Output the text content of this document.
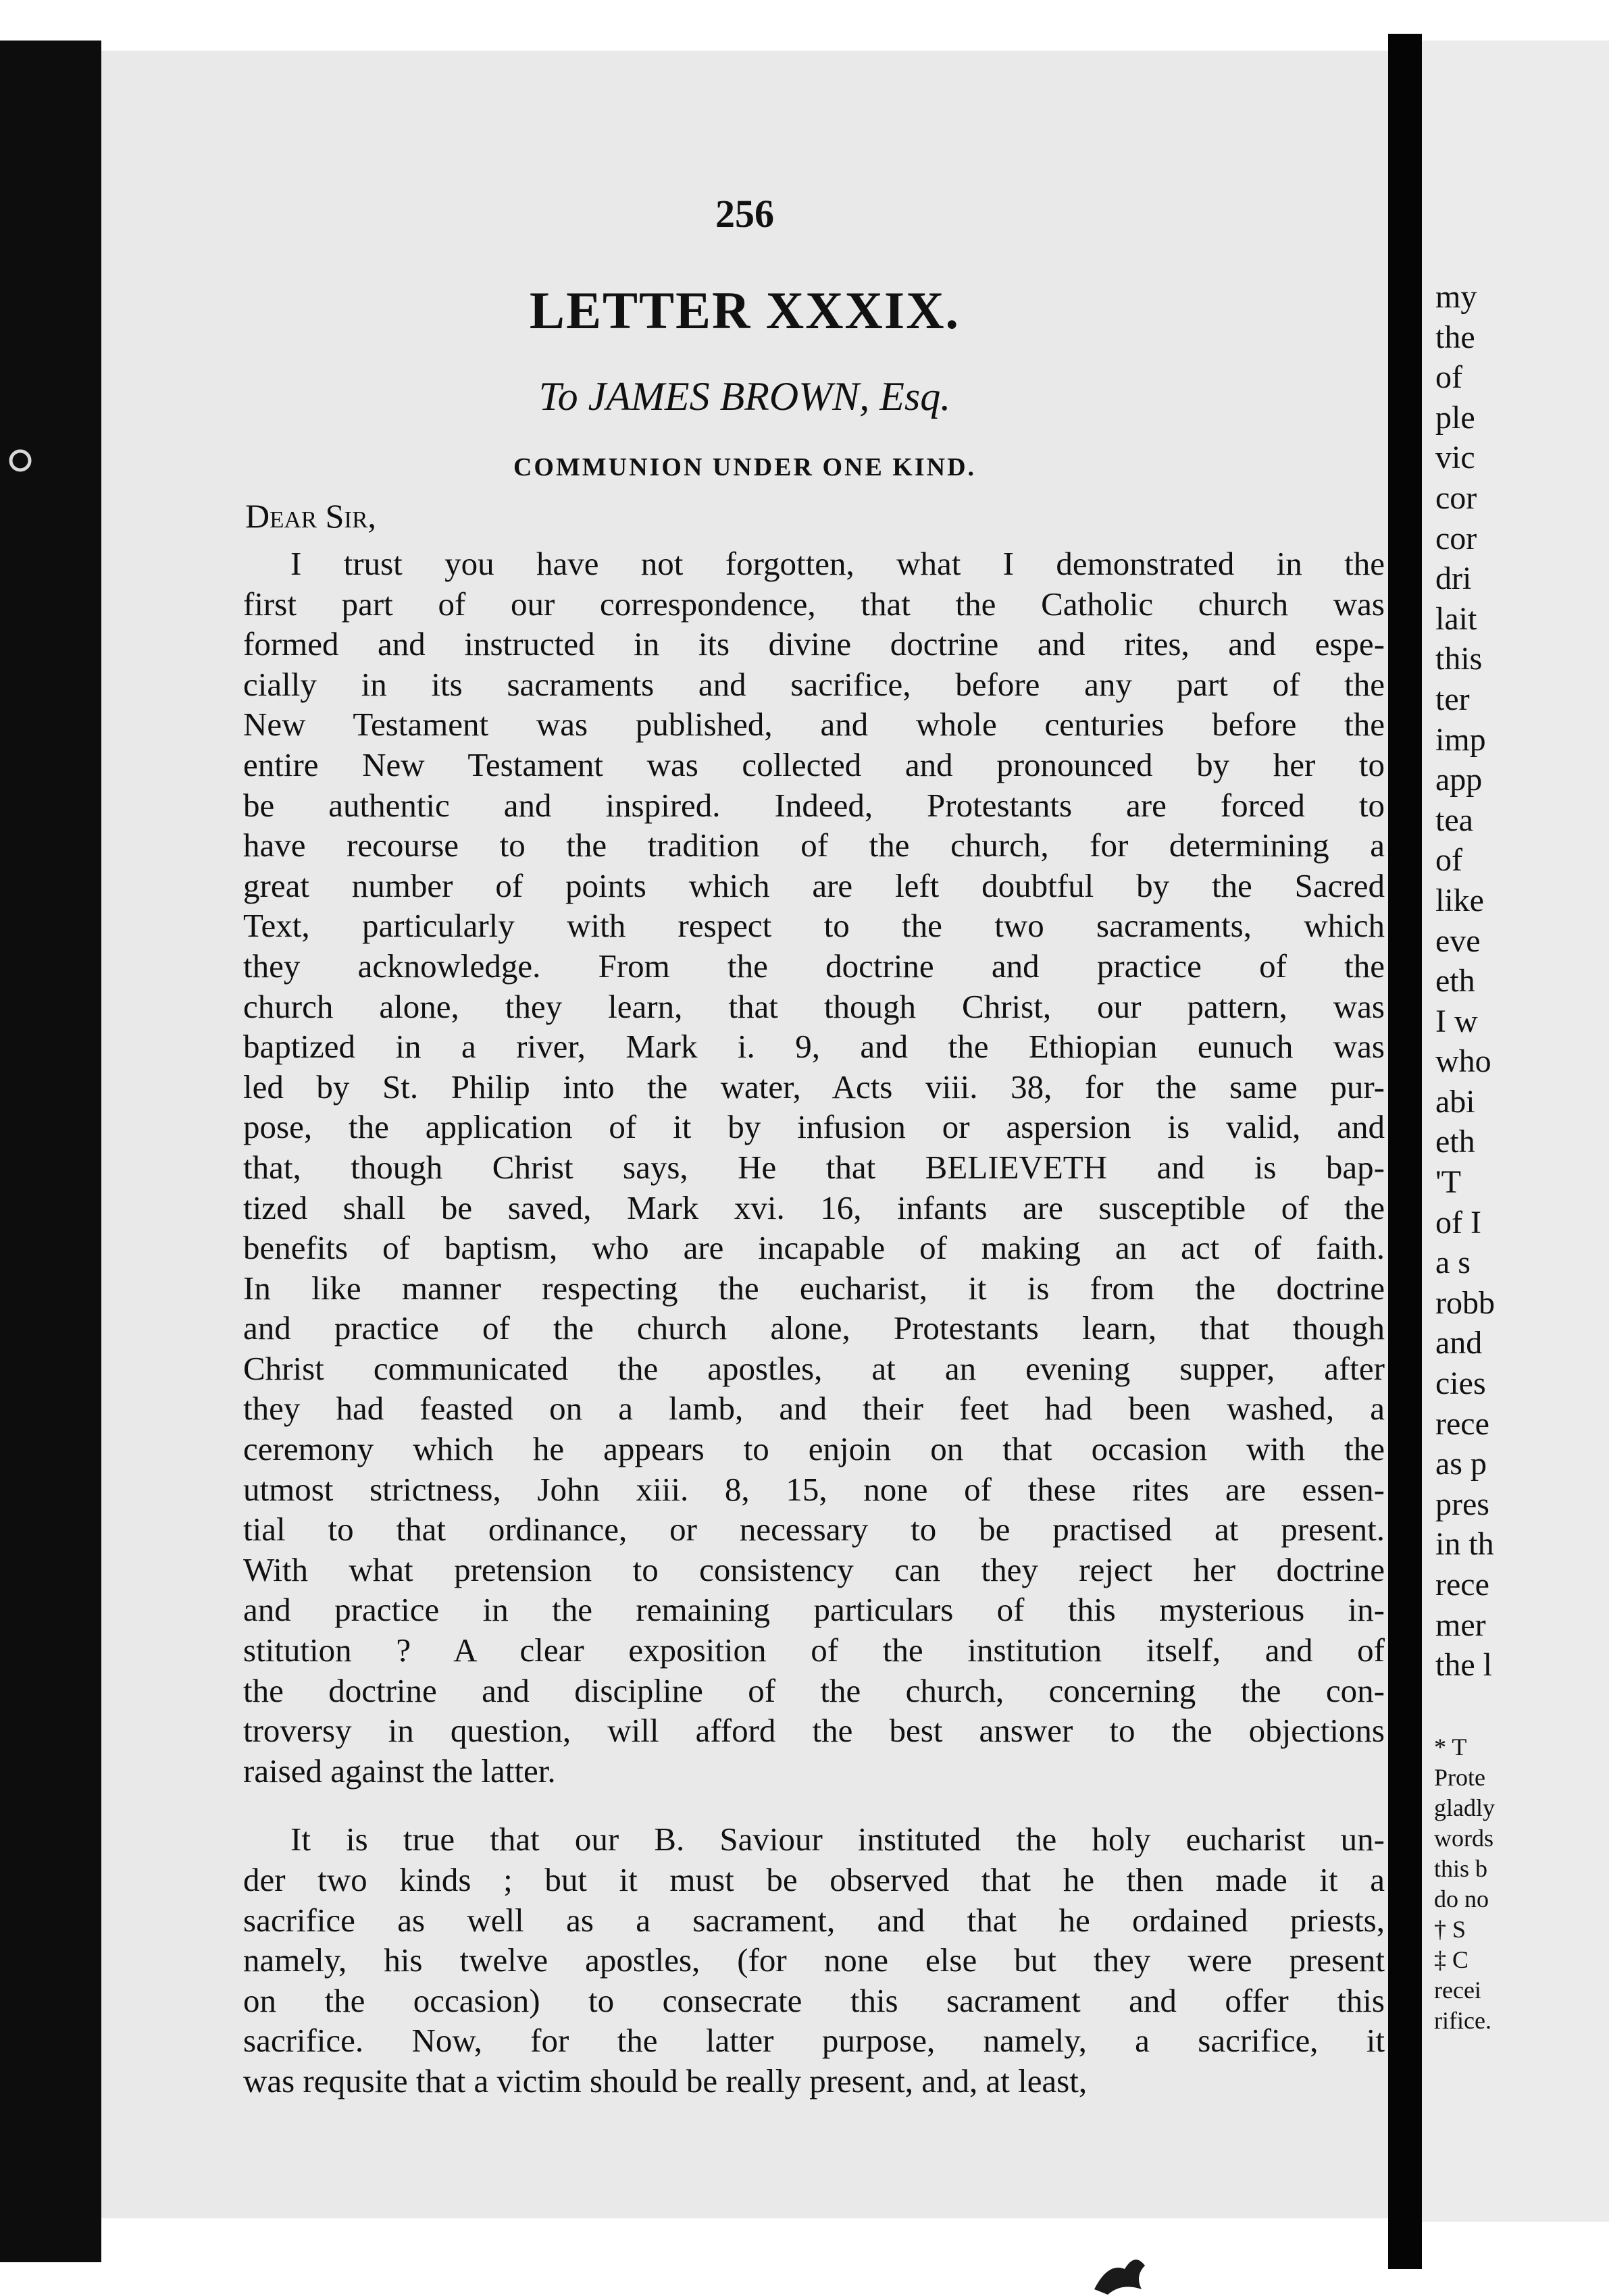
256
LETTER XXXIX.
To JAMES BROWN, Esq.
COMMUNION UNDER ONE KIND.
Dear Sir,
I trust you have not forgotten, what I demonstrated in the
first part of our correspondence, that the Catholic church was
formed and instructed in its divine doctrine and rites, and espe-
cially in its sacraments and sacrifice, before any part of the
New Testament was published, and whole centuries before the
entire New Testament was collected and pronounced by her to
be authentic and inspired. Indeed, Protestants are forced to
have recourse to the tradition of the church, for determining a
great number of points which are left doubtful by the Sacred
Text, particularly with respect to the two sacraments, which
they acknowledge. From the doctrine and practice of the
church alone, they learn, that though Christ, our pattern, was
baptized in a river, Mark i. 9, and the Ethiopian eunuch was
led by St. Philip into the water, Acts viii. 38, for the same pur-
pose, the application of it by infusion or aspersion is valid, and
that, though Christ says, He that BELIEVETH and is bap-
tized shall be saved, Mark xvi. 16, infants are susceptible of the
benefits of baptism, who are incapable of making an act of faith.
In like manner respecting the eucharist, it is from the doctrine
and practice of the church alone, Protestants learn, that though
Christ communicated the apostles, at an evening supper, after
they had feasted on a lamb, and their feet had been washed, a
ceremony which he appears to enjoin on that occasion with the
utmost strictness, John xiii. 8, 15, none of these rites are essen-
tial to that ordinance, or necessary to be practised at present.
With what pretension to consistency can they reject her doctrine
and practice in the remaining particulars of this mysterious in-
stitution ? A clear exposition of the institution itself, and of
the doctrine and discipline of the church, concerning the con-
troversy in question, will afford the best answer to the objections
raised against the latter.
It is true that our B. Saviour instituted the holy eucharist un-
der two kinds ; but it must be observed that he then made it a
sacrifice as well as a sacrament, and that he ordained priests,
namely, his twelve apostles, (for none else but they were present
on the occasion) to consecrate this sacrament and offer this
sacrifice. Now, for the latter purpose, namely, a sacrifice, it
was requsite that a victim should be really present, and, at least,
my
the
of
ple
vic
cor
cor
dri
lait
this
ter
imp
app
tea
of
like
eve
eth
I w
who
abi
eth
'T
of I
a s
robb
and
cies
rece
as p
pres
in th
rece
mer
the l
* T
Prote
gladly
words
this b
do no
† S
‡ C
recei
rifice.
